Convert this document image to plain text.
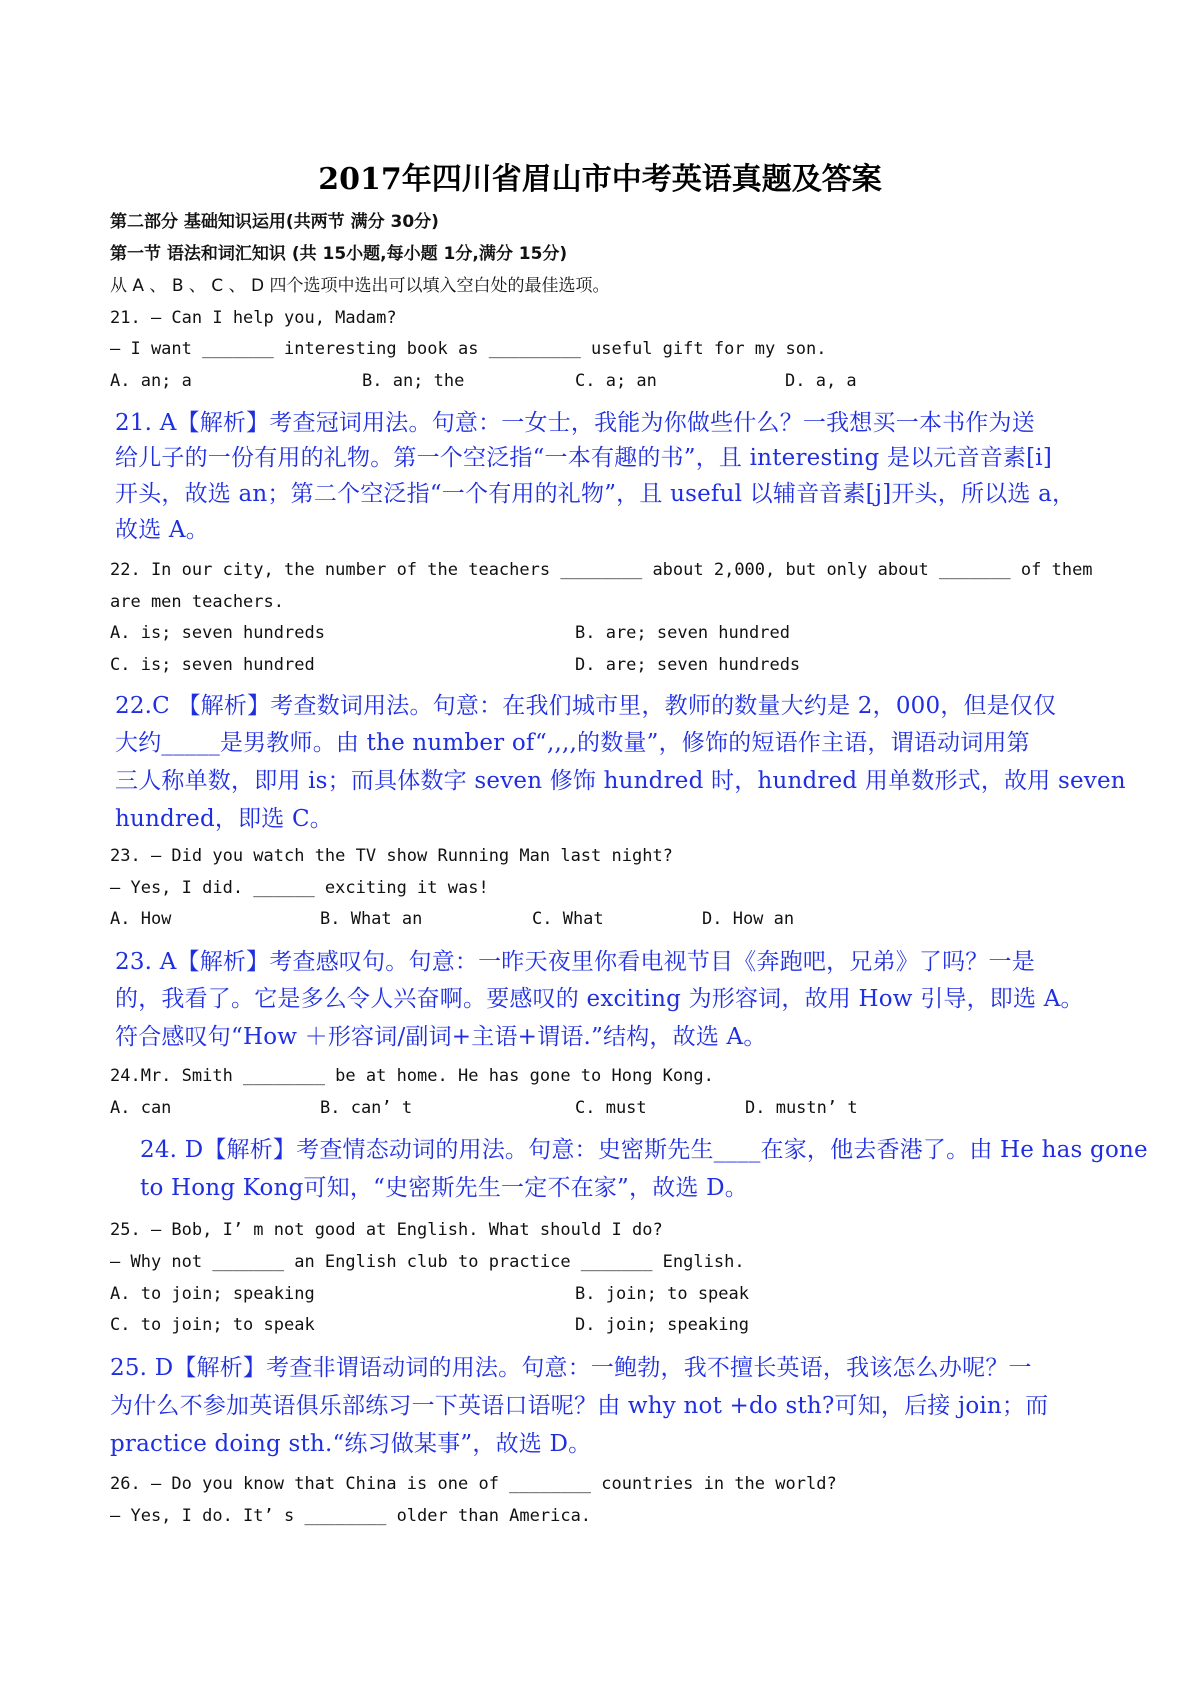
2017年四川省眉山市中考英语真题及答案
第二部分 基础知识运用(共两节 满分 30分)
第一节 语法和词汇知识 (共 15小题,每小题 1分,满分 15分)
从 A 、 B 、 C 、 D 四个选项中选出可以填入空白处的最佳选项。
21. — Can I help you, Madam?
— I want _______ interesting book as _________ useful gift for my son.
A. an; a	B. an; the	C. a; an	D. a, a
21. A【解析】考查冠词用法。句意：一女士，我能为你做些什么？一我想买一本书作为送
给儿子的一份有用的礼物。第一个空泛指“一本有趣的书”，且 interesting 是以元音音素[i]
开头，故选 an；第二个空泛指“一个有用的礼物”，且 useful 以辅音音素[j]开头，所以选 a，
故选 A。
22. In our city, the number of the teachers ________ about 2,000, but only about _______ of them
are men teachers.
A. is; seven hundreds	B. are; seven hundred
C. is; seven hundred	D. are; seven hundreds
22.C 【解析】考查数词用法。句意：在我们城市里，教师的数量大约是 2，000，但是仅仅
大约_____是男教师。由 the number of“,,,,的数量”，修饰的短语作主语，谓语动词用第
三人称单数，即用 is；而具体数字 seven 修饰 hundred 时，hundred 用单数形式，故用 seven
hundred，即选 C。
23. — Did you watch the TV show Running Man last night?
— Yes, I did. ______ exciting it was!
A. How	B. What an	C. What	D. How an
23. A【解析】考查感叹句。句意：一昨天夜里你看电视节目《奔跑吧，兄弟》了吗？一是
的，我看了。它是多么令人兴奋啊。要感叹的 exciting 为形容词，故用 How 引导，即选 A。
符合感叹句“How ＋形容词/副词+主语+谓语.”结构，故选 A。
24.Mr. Smith ________ be at home. He has gone to Hong Kong.
A. can	B. can’ t	C. must	D. mustn’ t
24. D【解析】考查情态动词的用法。句意：史密斯先生____在家，他去香港了。由 He has gone
to Hong Kong可知，“史密斯先生一定不在家”，故选 D。
25. — Bob, I’ m not good at English. What should I do?
— Why not _______ an English club to practice _______ English.
A. to join; speaking	B. join; to speak
C. to join; to speak	D. join; speaking
25. D【解析】考查非谓语动词的用法。句意：一鲍勃，我不擅长英语，我该怎么办呢？一
为什么不参加英语俱乐部练习一下英语口语呢？由 why not +do sth?可知，后接 join；而
practice doing sth.“练习做某事”，故选 D。
26. — Do you know that China is one of ________ countries in the world?
— Yes, I do. It’ s ________ older than America.
